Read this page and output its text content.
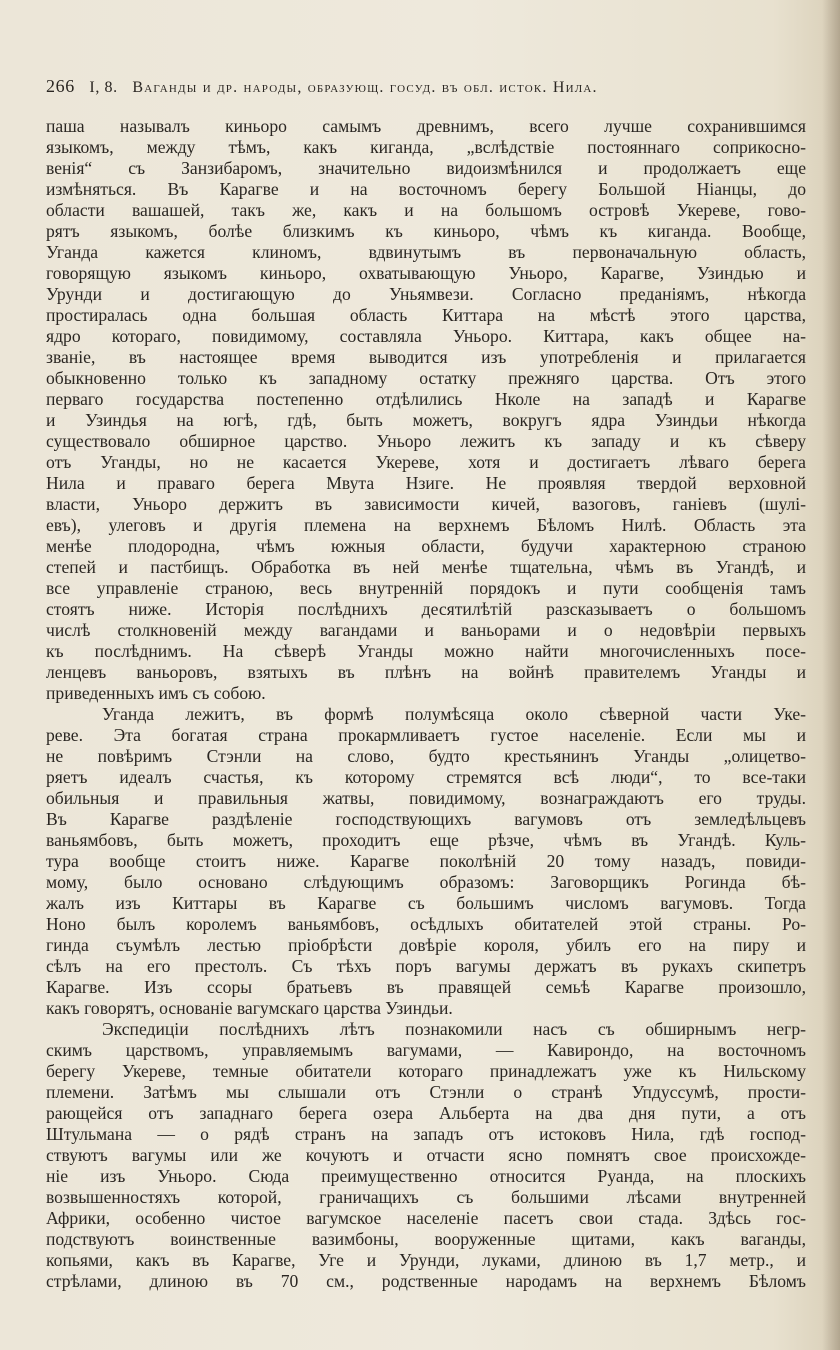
266 I, 8. Ваганды и др. народы, образующ. госуд. въ обл. исток. Нила.
паша называлъ киньоро самымъ древнимъ, всего лучше сохранившимся
языкомъ, между тѣмъ, какъ киганда, „вслѣдствіе постояннаго соприкосно-
венія“ съ Занзибаромъ, значительно видоизмѣнился и продолжаетъ еще
измѣняться. Въ Карагве и на восточномъ берегу Большой Ніанцы, до
области вашашей, такъ же, какъ и на большомъ островѣ Укереве, гово-
рятъ языкомъ, болѣе близкимъ къ киньоро, чѣмъ къ киганда. Вообще,
Уганда кажется клиномъ, вдвинутымъ въ первоначальную область,
говорящую языкомъ киньоро, охватывающую Уньоро, Карагве, Узиндью и
Урунди и достигающую до Уньямвези. Согласно преданіямъ, нѣкогда
простиралась одна большая область Киттара на мѣстѣ этого царства,
ядро котораго, повидимому, составляла Уньоро. Киттара, какъ общее на-
званіе, въ настоящее время выводится изъ употребленія и прилагается
обыкновенно только къ западному остатку прежняго царства. Отъ этого
перваго государства постепенно отдѣлились Нколе на западѣ и Карагве
и Узиндья на югѣ, гдѣ, быть можетъ, вокругъ ядра Узиндьи нѣкогда
существовало обширное царство. Уньоро лежитъ къ западу и къ сѣверу
отъ Уганды, но не касается Укереве, хотя и достигаетъ лѣваго берега
Нила и праваго берега Мвута Нзиге. Не проявляя твердой верховной
власти, Уньоро держитъ въ зависимости кичей, вазоговъ, ганіевъ (шулі-
евъ), улеговъ и другія племена на верхнемъ Бѣломъ Нилѣ. Область эта
менѣе плодородна, чѣмъ южныя области, будучи характерною страною
степей и пастбищъ. Обработка въ ней менѣе тщательна, чѣмъ въ Угандѣ, и
все управленіе страною, весь внутренній порядокъ и пути сообщенія тамъ
стоятъ ниже. Исторія послѣднихъ десятилѣтій разсказываетъ о большомъ
числѣ столкновеній между вагандами и ваньорами и о недовѣріи первыхъ
къ послѣднимъ. На сѣверѣ Уганды можно найти многочисленныхъ посе-
ленцевъ ваньоровъ, взятыхъ въ плѣнъ на войнѣ правителемъ Уганды и
приведенныхъ имъ съ собою.
Уганда лежитъ, въ формѣ полумѣсяца около сѣверной части Уке-
реве. Эта богатая страна прокармливаетъ густое населеніе. Если мы и
не повѣримъ Стэнли на слово, будто крестьянинъ Уганды „олицетво-
ряетъ идеалъ счастья, къ которому стремятся всѣ люди“, то все-таки
обильныя и правильныя жатвы, повидимому, вознаграждаютъ его труды.
Въ Карагве раздѣленіе господствующихъ вагумовъ отъ земледѣльцевъ
ваньямбовъ, быть можетъ, проходитъ еще рѣзче, чѣмъ въ Угандѣ. Куль-
тура вообще стоитъ ниже. Карагве поколѣній 20 тому назадъ, повиди-
мому, было основано слѣдующимъ образомъ: Заговорщикъ Рогинда бѣ-
жалъ изъ Киттары въ Карагве съ большимъ числомъ вагумовъ. Тогда
Ноно былъ королемъ ваньямбовъ, осѣдлыхъ обитателей этой страны. Ро-
гинда съумѣлъ лестью пріобрѣсти довѣріе короля, убилъ его на пиру и
сѣлъ на его престолъ. Съ тѣхъ поръ вагумы держатъ въ рукахъ скипетръ
Карагве. Изъ ссоры братьевъ въ правящей семьѣ Карагве произошло,
какъ говорятъ, основаніе вагумскаго царства Узиндьи.
Экспедиціи послѣднихъ лѣтъ познакомили насъ съ обширнымъ негр-
скимъ царствомъ, управляемымъ вагумами, — Кавирондо, на восточномъ
берегу Укереве, темные обитатели котораго принадлежатъ уже къ Нильскому
племени. Затѣмъ мы слышали отъ Стэнли о странѣ Упдуссумѣ, прости-
рающейся отъ западнаго берега озера Альберта на два дня пути, а отъ
Штульмана — о рядѣ странъ на западъ отъ истоковъ Нила, гдѣ господ-
ствуютъ вагумы или же кочуютъ и отчасти ясно помнятъ свое происхожде-
ніе изъ Уньоро. Сюда преимущественно относится Руанда, на плоскихъ
возвышенностяхъ которой, граничащихъ съ большими лѣсами внутренней
Африки, особенно чистое вагумское населеніе пасетъ свои стада. Здѣсь гос-
подствуютъ воинственные вазимбоны, вооруженные щитами, какъ ваганды,
копьями, какъ въ Карагве, Уге и Урунди, луками, длиною въ 1,7 метр., и
стрѣлами, длиною въ 70 см., родственные народамъ на верхнемъ Бѣломъ
